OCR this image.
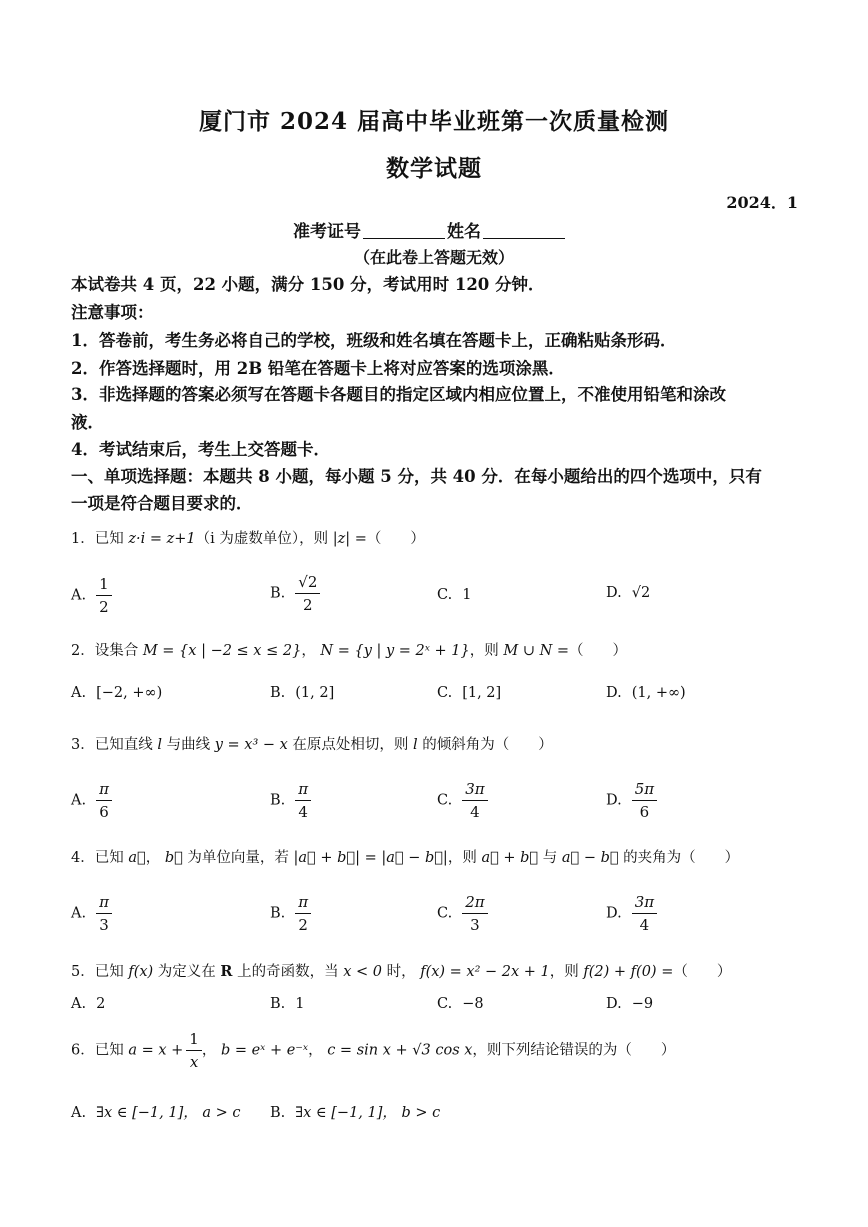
厦门市 2024 届高中毕业班第一次质量检测
数学试题
2024．1
准考证号	姓名
（在此卷上答题无效）
本试卷共 4 页，22 小题，满分 150 分，考试用时 120 分钟．
注意事项：
1．答卷前，考生务必将自己的学校，班级和姓名填在答题卡上，正确粘贴条形码．
2．作答选择题时，用 2B 铅笔在答题卡上将对应答案的选项涂黑．
3．非选择题的答案必须写在答题卡各题目的指定区域内相应位置上，不准使用铅笔和涂改
液．
4．考试结束后，考生上交答题卡．
一、单项选择题：本题共 8 小题，每小题 5 分，共 40 分．在每小题给出的四个选项中，只有
一项是符合题目要求的．
1．已知 z·i = z+1（i 为虚数单位），则 |z| =（　　）
A. $\frac{1}{2}$	B. $\frac{√2}{2}$	C. 1	D. √2
2．设集合 M = {x | −2 ≤ x ≤ 2}， N = {y | y = 2ˣ + 1}，则 M ∪ N =（　　）
A. [−2, +∞)	B. (1, 2]	C. [1, 2]	D. (1, +∞)
3．已知直线 l 与曲线 y = x³ − x 在原点处相切，则 l 的倾斜角为（　　）
A. $\frac{\pi}{6}$	B. $\frac{\pi}{4}$	C. $\frac{3\pi}{4}$	D. $\frac{5\pi}{6}$
4．已知 a⃗， b⃗ 为单位向量，若 |a⃗ + b⃗| = |a⃗ − b⃗|，则 a⃗ + b⃗ 与 a⃗ − b⃗ 的夹角为（　　）
A. $\frac{\pi}{3}$	B. $\frac{\pi}{2}$	C. $\frac{2\pi}{3}$	D. $\frac{3\pi}{4}$
5．已知 f(x) 为定义在 R 上的奇函数，当 x < 0 时， f(x) = x² − 2x + 1，则 f(2) + f(0) =（　　）
A. 2	B. 1	C. −8	D. −9
6．已知 $a = x + \frac{1}{x}$ ， b = eˣ + e⁻ˣ， c = sin x + √3 cos x，则下列结论错误的为（　　）
A. ∃x ∈ [−1, 1]， a > c B. ∃x ∈ [−1, 1]， b > c
